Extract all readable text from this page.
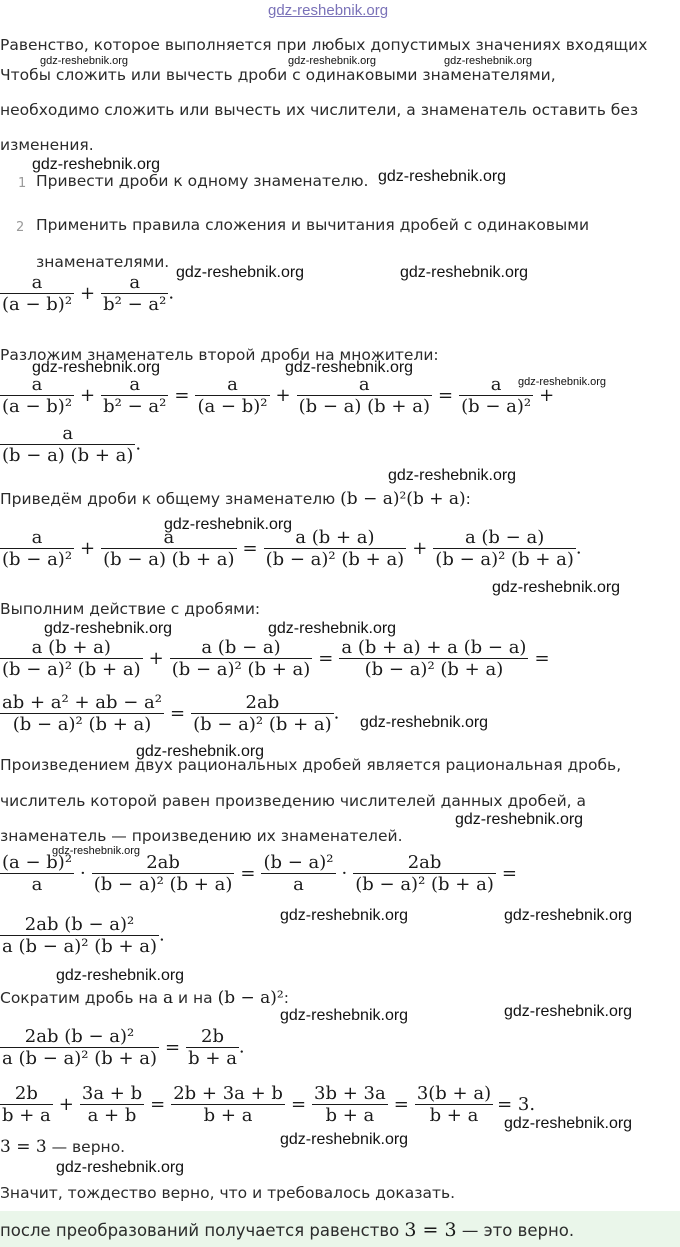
gdz-reshebnik.org
Равенство, которое выполняется при любых допустимых значениях входящих
gdz-reshebnik.org	gdz-reshebnik.org	gdz-reshebnik.org
Чтобы сложить или вычесть дроби с одинаковыми знаменателями,
необходимо сложить или вычесть их числители, а знаменатель оставить без
изменения.
gdz-reshebnik.org
1 Привести дроби к одному знаменателю. gdz-reshebnik.org
2 Применить правила сложения и вычитания дробей с одинаковыми
знаменателями.
gdz-reshebnik.org	gdz-reshebnik.org
$\frac{a}{\text{(a − b)²}} + \frac{a}{\text{b² − a²}}$ .
Разложим знаменатель второй дроби на множители:
gdz-reshebnik.org	gdz-reshebnik.org
gdz-reshebnik.org
$\frac{a}{\text{(a − b)²}} + \frac{a}{\text{b² − a²}} = \frac{a}{\text{(a − b)²}} + \frac{a}{(b - a) (b + a)} = \frac{a}{\text{(b − a)²}}$ +
$\frac{a}{(b - a) (b + a)}$ .
gdz-reshebnik.org
Приведём дроби к общему знаменателю (b − a)²(b + a):
gdz-reshebnik.org
$\frac{a}{\text{(b − a)²}} + \frac{a}{(b - a) (b + a)} = \frac{a (b + a)}{\text{(b − a)² (b + a)}} + \frac{a (b - a)}{\text{(b − a)² (b + a)}}$ .
gdz-reshebnik.org
Выполним действие с дробями:
gdz-reshebnik.org	gdz-reshebnik.org
$\frac{a (b + a)}{\text{(b − a)² (b + a)}} + \frac{a (b - a)}{\text{(b − a)² (b + a)}} = \frac{a (b + a) + a (b - a)}{\text{(b − a)² (b + a)}}$ =
$\frac{\text{ab + a² + ab − a²}}{\text{(b − a)² (b + a)}} = \frac{2ab}{\text{(b − a)² (b + a)}}$ . gdz-reshebnik.org
gdz-reshebnik.org
Произведением двух рациональных дробей является рациональная дробь,
числитель которой равен произведению числителей данных дробей, а
gdz-reshebnik.org
знаменатель — произведению их знаменателей.
gdz-reshebnik.org
$\frac{\text{(a − b)²}}{a} \cdot \frac{2ab}{\text{(b − a)² (b + a)}} = \frac{\text{(b − a)²}}{a} \cdot \frac{2ab}{\text{(b − a)² (b + a)}}$ =
gdz-reshebnik.org	gdz-reshebnik.org
$\frac{\text{2ab (b − a)²}}{\text{a (b − a)² (b + a)}}$ .
gdz-reshebnik.org
Сократим дробь на a и на (b − a)²:
gdz-reshebnik.org	gdz-reshebnik.org
$\frac{\text{2ab (b − a)²}}{\text{a (b − a)² (b + a)}} = \frac{2b}{b + a}$ .
$\frac{2b}{b + a} + \frac{3a + b}{a + b} = \frac{2b + 3a + b}{b + a} = \frac{3b + 3a}{b + a} = \frac{3(b + a)}{b + a} = 3$.
gdz-reshebnik.org
3 = 3 — верно.	gdz-reshebnik.org
gdz-reshebnik.org
Значит, тождество верно, что и требовалось доказать.
после преобразований получается равенство 3 = 3 — это верно.
